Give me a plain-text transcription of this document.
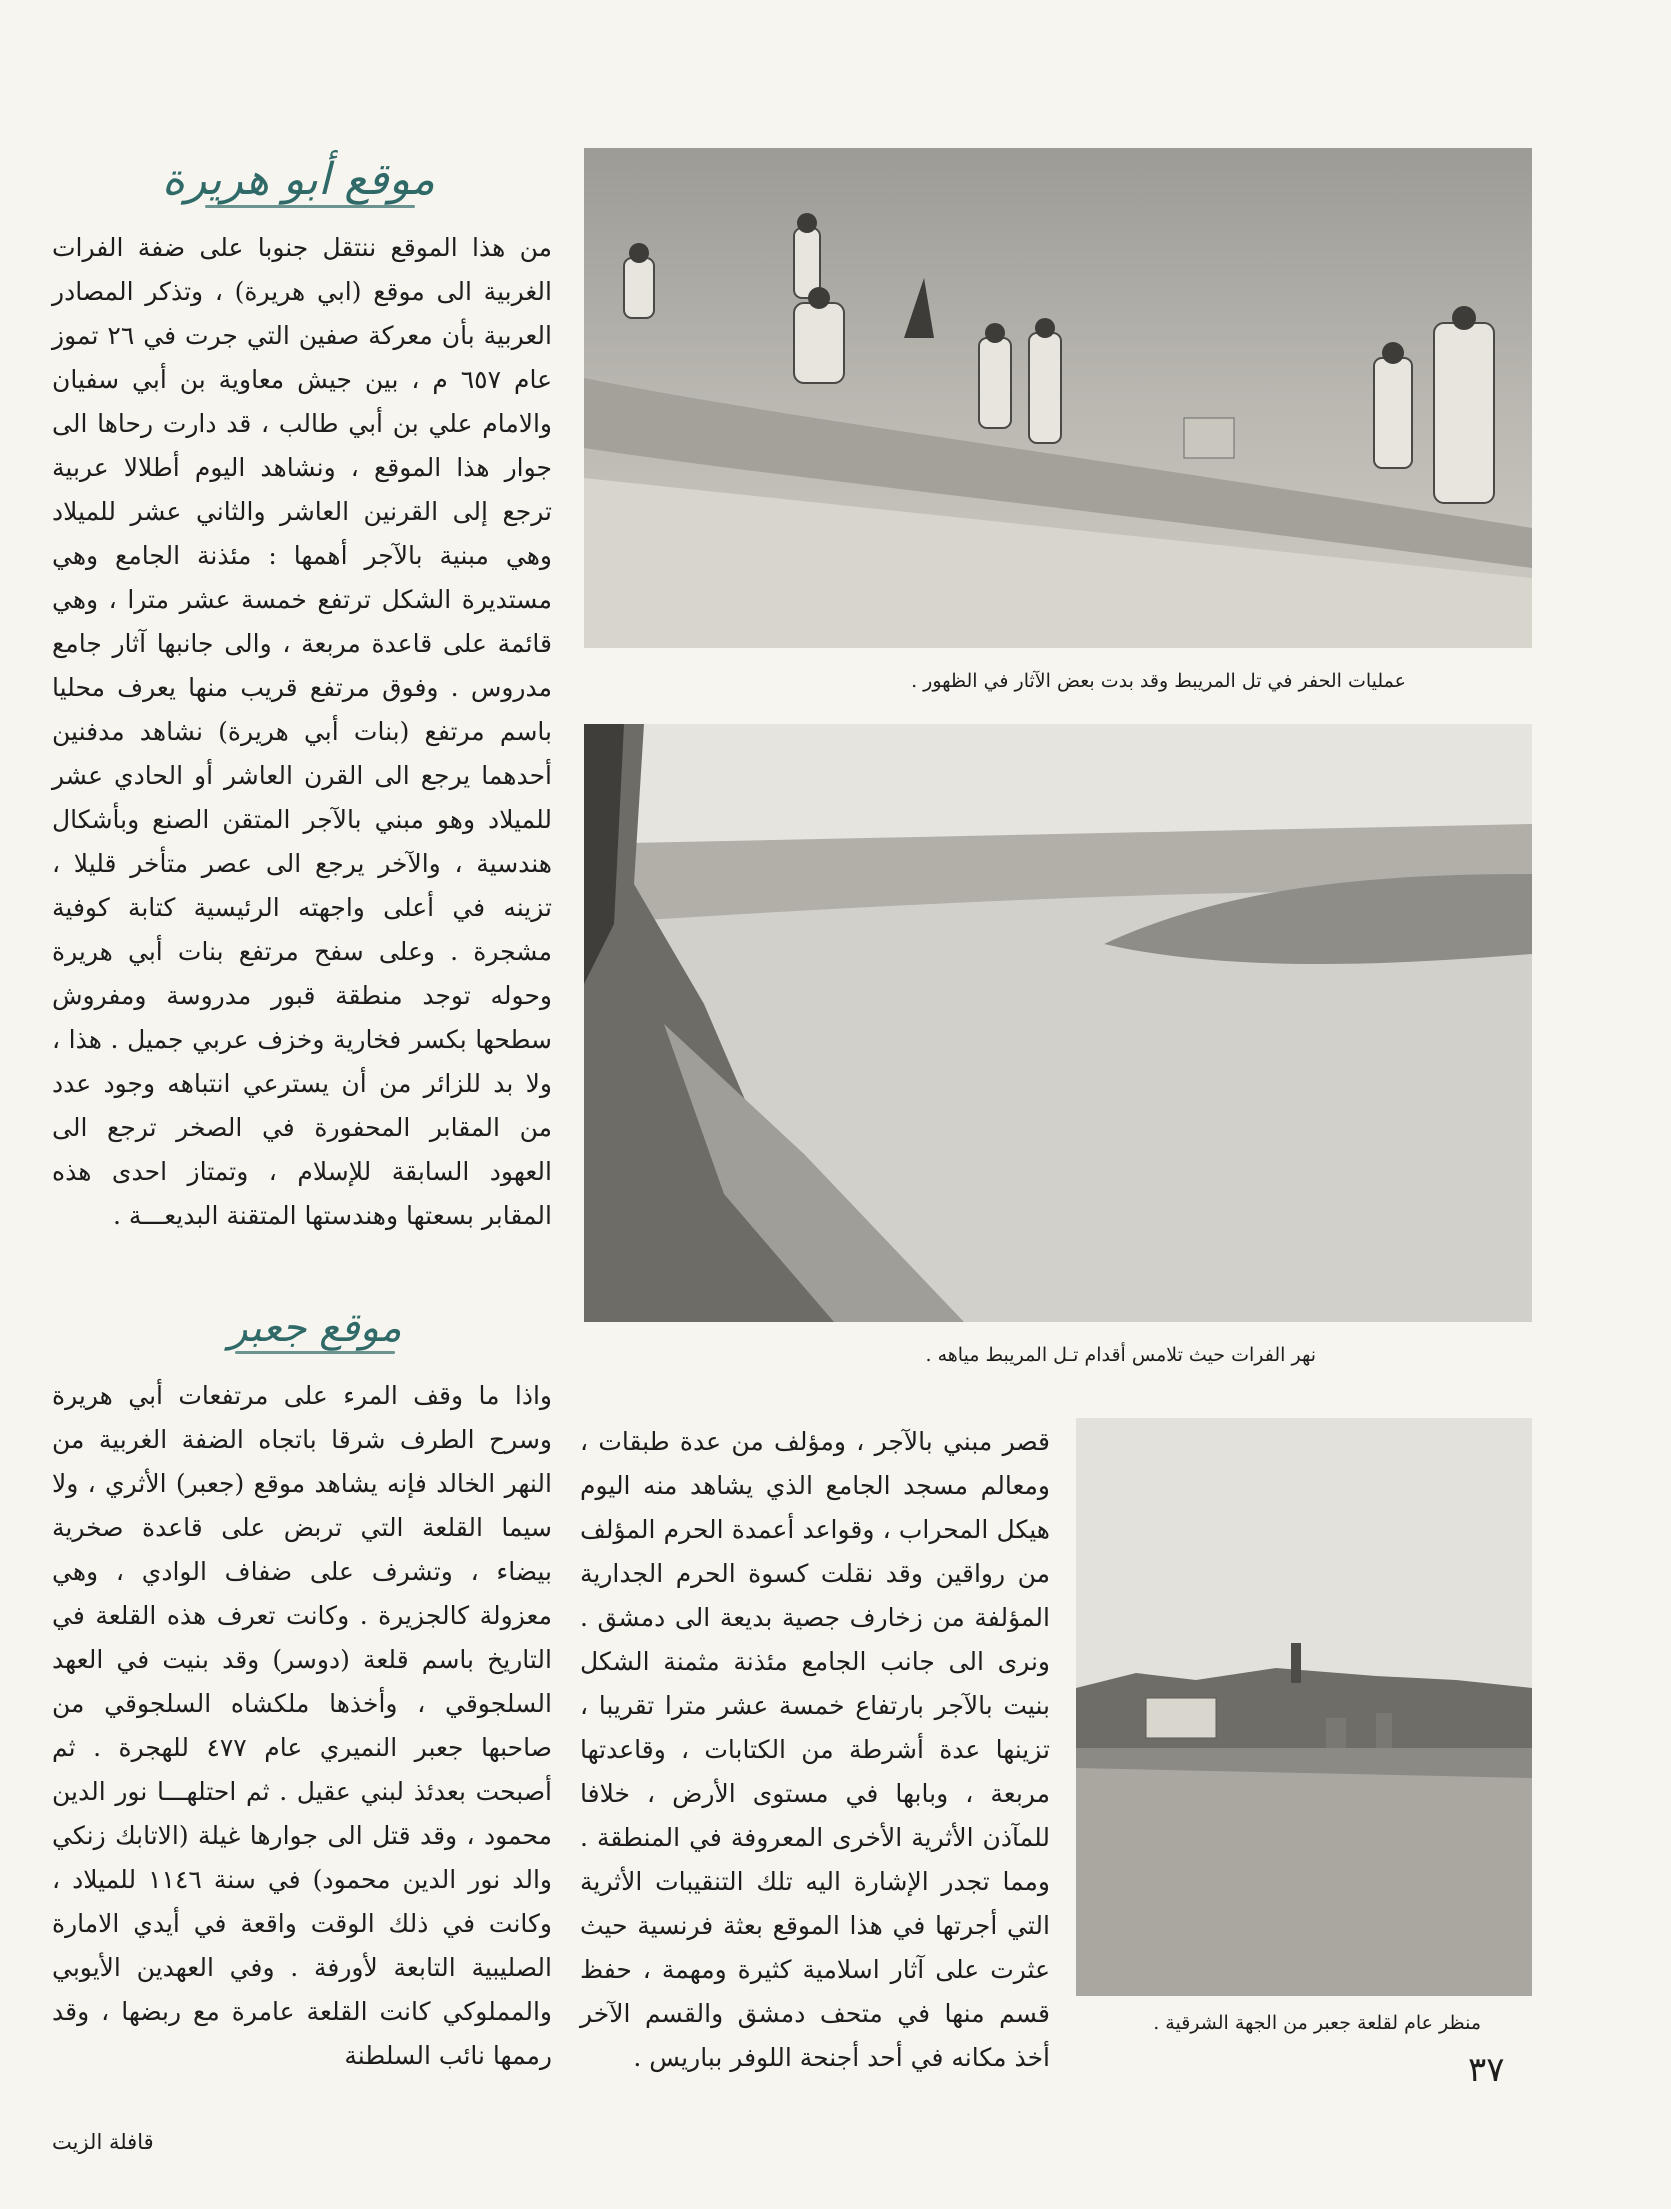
موقع أبو هريرة

من هذا الموقع ننتقل جنوبا على ضفة الفرات الغربية الى موقع (ابي هريرة) ، وتذكر المصادر العربية بأن معركة صفين التي جرت في ٢٦ تموز عام ٦٥٧ م ، بين جيش معاوية بن أبي سفيان والامام علي بن أبي طالب ، قد دارت رحاها الى جوار هذا الموقع ، ونشاهد اليوم أطلالا عربية ترجع إلى القرنين العاشر والثاني عشر للميلاد وهي مبنية بالآجر أهمها : مئذنة الجامع وهي مستديرة الشكل ترتفع خمسة عشر مترا ، وهي قائمة على قاعدة مربعة ، والى جانبها آثار جامع مدروس . وفوق مرتفع قريب منها يعرف محليا باسم مرتفع (بنات أبي هريرة) نشاهد مدفنين أحدهما يرجع الى القرن العاشر أو الحادي عشر للميلاد وهو مبني بالآجر المتقن الصنع وبأشكال هندسية ، والآخر يرجع الى عصر متأخر قليلا ، تزينه في أعلى واجهته الرئيسية كتابة كوفية مشجرة . وعلى سفح مرتفع بنات أبي هريرة وحوله توجد منطقة قبور مدروسة ومفروش سطحها بكسر فخارية وخزف عربي جميل . هذا ، ولا بد للزائر من أن يسترعي انتباهه وجود عدد من المقابر المحفورة في الصخر ترجع الى العهود السابقة للإسلام ، وتمتاز احدى هذه المقابر بسعتها وهندستها المتقنة البديعـــة .

موقع جعبر

واذا ما وقف المرء على مرتفعات أبي هريرة وسرح الطرف شرقا باتجاه الضفة الغربية من النهر الخالد فإنه يشاهد موقع (جعبر) الأثري ، ولا سيما القلعة التي تربض على قاعدة صخرية بيضاء ، وتشرف على ضفاف الوادي ، وهي معزولة كالجزيرة . وكانت تعرف هذه القلعة في التاريخ باسم قلعة (دوسر) وقد بنيت في العهد السلجوقي ، وأخذها ملكشاه السلجوقي من صاحبها جعبر النميري عام ٤٧٧ للهجرة . ثم أصبحت بعدئذ لبني عقيل . ثم احتلهـــا نور الدين محمود ، وقد قتل الى جوارها غيلة (الاتابك زنكي والد نور الدين محمود) في سنة ١١٤٦ للميلاد ، وكانت في ذلك الوقت واقعة في أيدي الامارة الصليبية التابعة لأورفة . وفي العهدين الأيوبي والمملوكي كانت القلعة عامرة مع ربضها ، وقد رممها نائب السلطنة

قصر مبني بالآجر ، ومؤلف من عدة طبقات ، ومعالم مسجد الجامع الذي يشاهد منه اليوم هيكل المحراب ، وقواعد أعمدة الحرم المؤلف من رواقين وقد نقلت كسوة الحرم الجدارية المؤلفة من زخارف جصية بديعة الى دمشق . ونرى الى جانب الجامع مئذنة مثمنة الشكل بنيت بالآجر بارتفاع خمسة عشر مترا تقريبا ، تزينها عدة أشرطة من الكتابات ، وقاعدتها مربعة ، وبابها في مستوى الأرض ، خلافا للمآذن الأثرية الأخرى المعروفة في المنطقة . ومما تجدر الإشارة اليه تلك التنقيبات الأثرية التي أجرتها في هذا الموقع بعثة فرنسية حيث عثرت على آثار اسلامية كثيرة ومهمة ، حفظ قسم منها في متحف دمشق والقسم الآخر أخذ مكانه في أحد أجنحة اللوفر بباريس .

عمليات الحفر في تل المريبط وقد بدت بعض الآثار في الظهور .
نهر الفرات حيث تلامس أقدام تـل المريبط مياهه .
منظر عام لقلعة جعبر من الجهة الشرقية .
٣٧
قافلة الزيت
